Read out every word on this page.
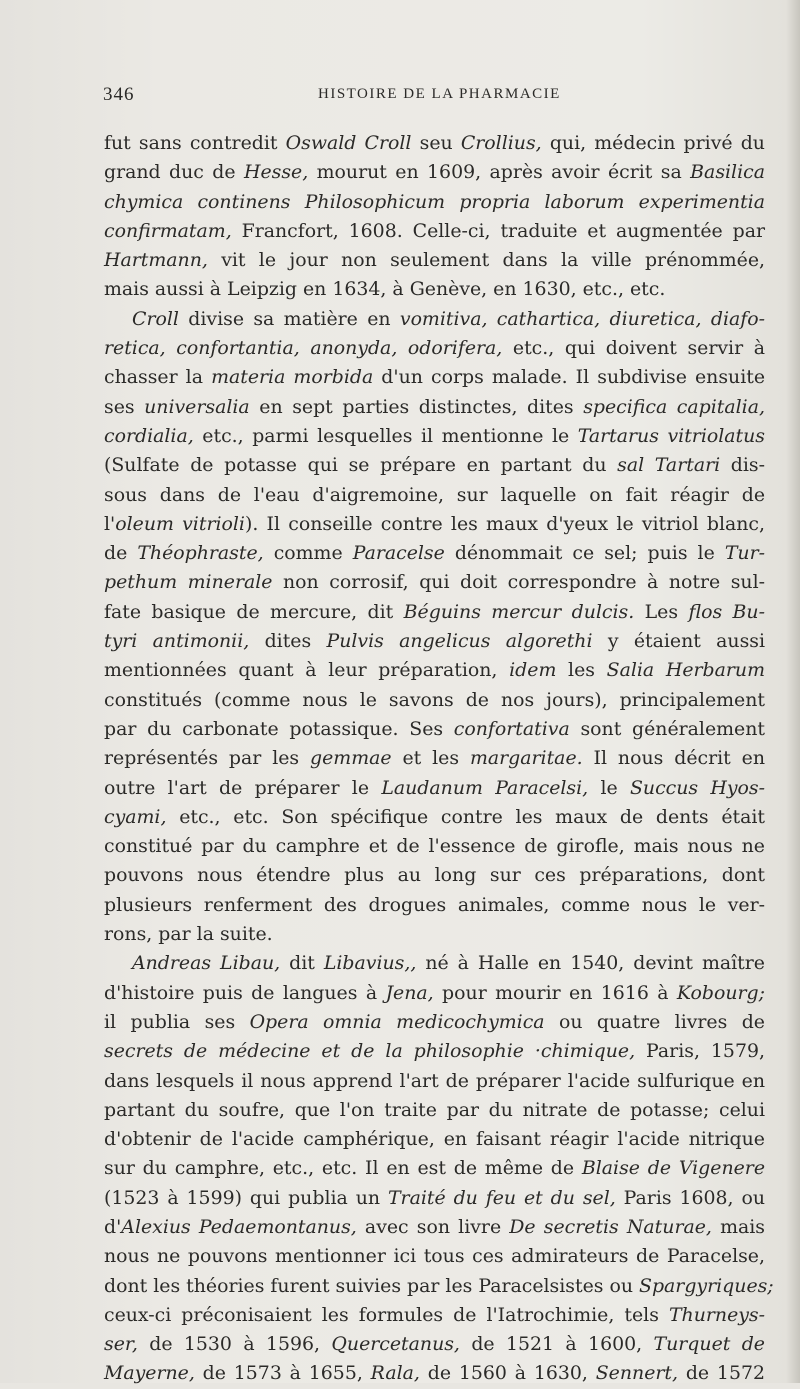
346	HISTOIRE DE LA PHARMACIE
fut sans contredit Oswald Croll seu Crollius, qui, médecin privé du
grand duc de Hesse, mourut en 1609, après avoir écrit sa Basilica
chymica continens Philosophicum propria laborum experimentia
confirmatam, Francfort, 1608. Celle-ci, traduite et augmentée par
Hartmann, vit le jour non seulement dans la ville prénommée,
mais aussi à Leipzig en 1634, à Genève, en 1630, etc., etc.
Croll divise sa matière en vomitiva, cathartica, diuretica, diafo-
retica, confortantia, anonyda, odorifera, etc., qui doivent servir à
chasser la materia morbida d'un corps malade. Il subdivise ensuite
ses universalia en sept parties distinctes, dites specifica capitalia,
cordialia, etc., parmi lesquelles il mentionne le Tartarus vitriolatus
(Sulfate de potasse qui se prépare en partant du sal Tartari dis-
sous dans de l'eau d'aigremoine, sur laquelle on fait réagir de
l'oleum vitrioli). Il conseille contre les maux d'yeux le vitriol blanc,
de Théophraste, comme Paracelse dénommait ce sel; puis le Tur-
pethum minerale non corrosif, qui doit correspondre à notre sul-
fate basique de mercure, dit Béguins mercur dulcis. Les flos Bu-
tyri antimonii, dites Pulvis angelicus algorethi y étaient aussi
mentionnées quant à leur préparation, idem les Salia Herbarum
constitués (comme nous le savons de nos jours), principalement
par du carbonate potassique. Ses confortativa sont généralement
représentés par les gemmae et les margaritae. Il nous décrit en
outre l'art de préparer le Laudanum Paracelsi, le Succus Hyos-
cyami, etc., etc. Son spécifique contre les maux de dents était
constitué par du camphre et de l'essence de girofle, mais nous ne
pouvons nous étendre plus au long sur ces préparations, dont
plusieurs renferment des drogues animales, comme nous le ver-
rons, par la suite.
Andreas Libau, dit Libavius,, né à Halle en 1540, devint maître
d'histoire puis de langues à Jena, pour mourir en 1616 à Kobourg;
il publia ses Opera omnia medicochymica ou quatre livres de
secrets de médecine et de la philosophie ·chimique, Paris, 1579,
dans lesquels il nous apprend l'art de préparer l'acide sulfurique en
partant du soufre, que l'on traite par du nitrate de potasse; celui
d'obtenir de l'acide camphérique, en faisant réagir l'acide nitrique
sur du camphre, etc., etc. Il en est de même de Blaise de Vigenere
(1523 à 1599) qui publia un Traité du feu et du sel, Paris 1608, ou
d'Alexius Pedaemontanus, avec son livre De secretis Naturae, mais
nous ne pouvons mentionner ici tous ces admirateurs de Paracelse,
dont les théories furent suivies par les Paracelsistes ou Spargyriques;
ceux-ci préconisaient les formules de l'Iatrochimie, tels Thurneys-
ser, de 1530 à 1596, Quercetanus, de 1521 à 1600, Turquet de
Mayerne, de 1573 à 1655, Rala, de 1560 à 1630, Sennert, de 1572
